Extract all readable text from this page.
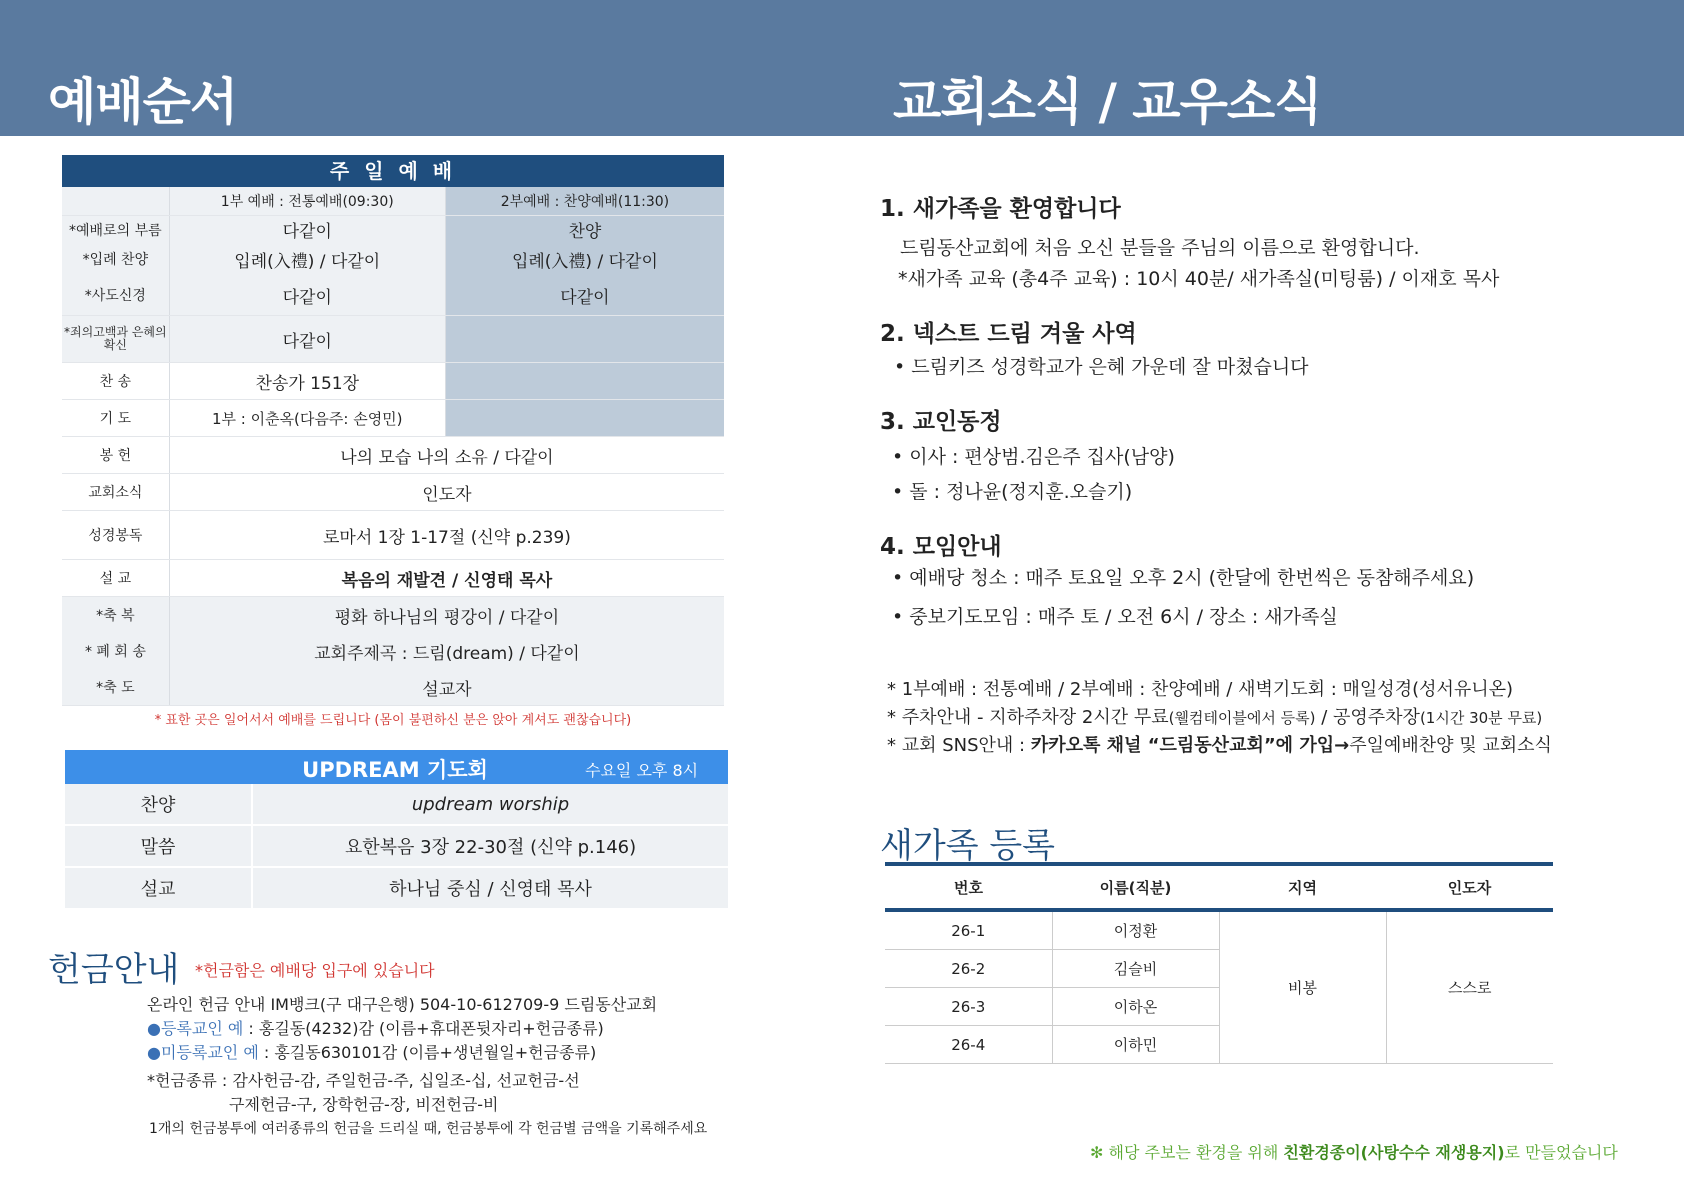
예배순서	교회소식 / 교우소식
주 일 예 배
1부 예배 : 전통예배(09:30)	2부예배 : 찬양예배(11:30)
*예배로의 부름	다같이	찬양
*입례 찬양	입례(入禮) / 다같이	입례(入禮) / 다같이
*사도신경	다같이	다같이
*죄의고백과 은혜의확신	다같이
찬 송	찬송가 151장
기 도	1부 : 이춘옥(다음주: 손영민)
봉 헌	나의 모습 나의 소유 / 다같이
교회소식	인도자
성경봉독	로마서 1장 1-17절 (신약 p.239)
설 교	복음의 재발견 / 신영태 목사
*축 복	평화 하나님의 평강이 / 다같이
* 폐 회 송	교회주제곡 : 드림(dream) / 다같이
*축 도	설교자
* 표한 곳은 일어서서 예배를 드립니다 (몸이 불편하신 분은 앉아 계셔도 괜찮습니다)
UPDREAM 기도회	수요일 오후 8시
찬양	updream worship
말씀	요한복음 3장 22-30절 (신약 p.146)
설교	하나님 중심 / 신영태 목사
헌금안내 *헌금함은 예배당 입구에 있습니다
온라인 헌금 안내 IM뱅크(구 대구은행) 504-10-612709-9 드림동산교회
●등록교인 예 : 홍길동(4232)감 (이름+휴대폰뒷자리+헌금종류)
●미등록교인 예 : 홍길동630101감 (이름+생년월일+헌금종류)
*헌금종류 : 감사헌금-감, 주일헌금-주, 십일조-십, 선교헌금-선
구제헌금-구, 장학헌금-장, 비전헌금-비
1개의 헌금봉투에 여러종류의 헌금을 드리실 때, 헌금봉투에 각 헌금별 금액을 기록해주세요
1. 새가족을 환영합니다
드림동산교회에 처음 오신 분들을 주님의 이름으로 환영합니다.
*새가족 교육 (총4주 교육) : 10시 40분/ 새가족실(미팅룸) / 이재호 목사
2. 넥스트 드림 겨울 사역
• 드림키즈 성경학교가 은혜 가운데 잘 마쳤습니다
3. 교인동정
• 이사 : 편상범.김은주 집사(남양)
• 돌 : 정나윤(정지훈.오슬기)
4. 모임안내
• 예배당 청소 : 매주 토요일 오후 2시 (한달에 한번씩은 동참해주세요)
• 중보기도모임 : 매주 토 / 오전 6시 / 장소 : 새가족실
* 1부예배 : 전통예배 / 2부예배 : 찬양예배 / 새벽기도회 : 매일성경(성서유니온)
* 주차안내 - 지하주차장 2시간 무료(웰컴테이블에서 등록) / 공영주차장(1시간 30분 무료)
* 교회 SNS안내 : 카카오톡 채널 “드림동산교회”에 가입→주일예배찬양 및 교회소식
새가족 등록
번호	이름(직분)	지역	인도자
26-1	이정환	비봉	스스로
26-2	김슬비		
26-3	이하온		
26-4	이하민		
✻ 해당 주보는 환경을 위해 친환경종이(사탕수수 재생용지)로 만들었습니다
